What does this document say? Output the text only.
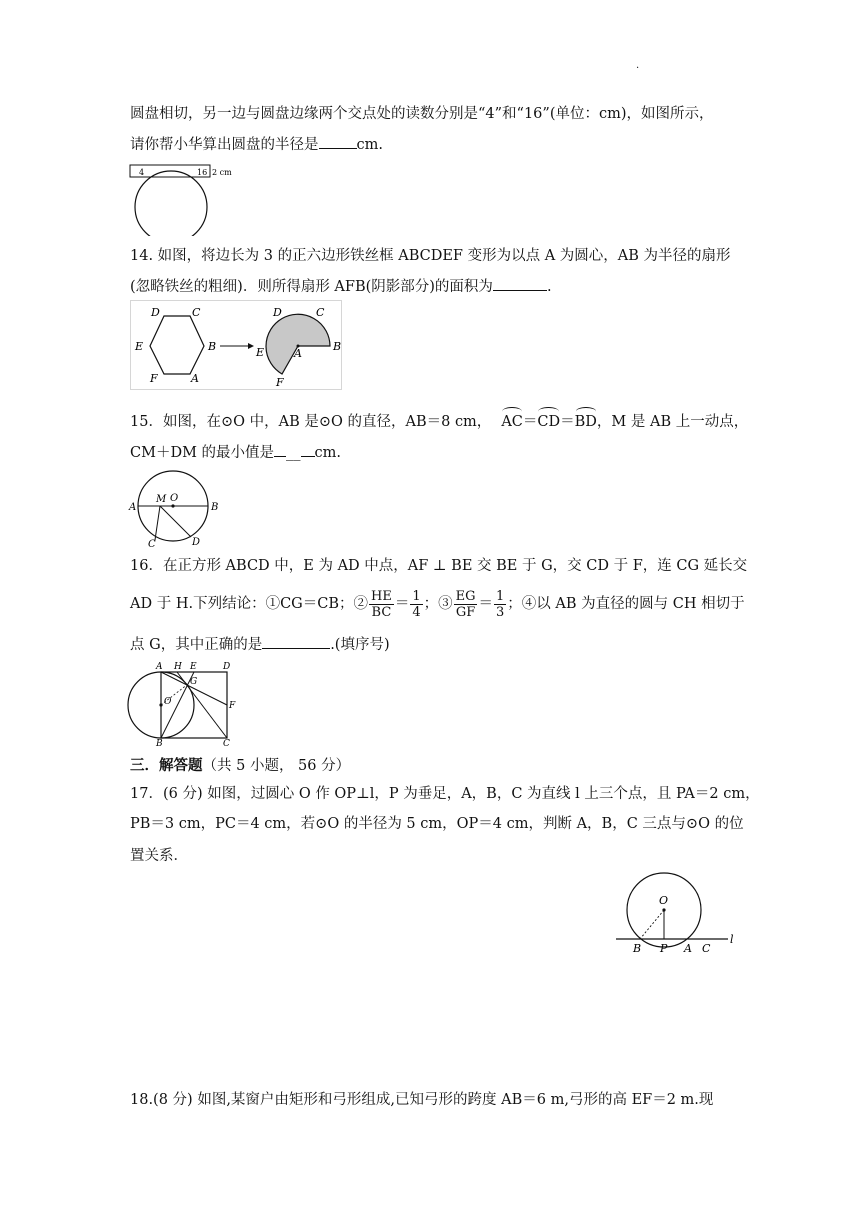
.
圆盘相切，另一边与圆盘边缘两个交点处的读数分别是“4”和“16”(单位：cm)，如图所示，
请你帮小华算出圆盘的半径是	cm.
4	16 2 cm
14. 如图，将边长为 3 的正六边形铁丝框 ABCDEF 变形为以点 A 为圆心，AB 为半径的扇形
(忽略铁丝的粗细)．则所得扇形 AFB(阴影部分)的面积为	.
D	C
E	B
F	A
D	C
E	A
B
F
15．如图，在⊙O 中，AB 是⊙O 的直径，AB＝8 cm， AC＝CD＝BD，M 是 AB 上一动点，
CM＋DM 的最小值是 __ cm.
A
M O
B
C	D
16．在正方形 ABCD 中，E 为 AD 中点，AF ⊥ BE 交 BE 于 G，交 CD 于 F，连 CG 延长交
AD 于 H.下列结论：①CG＝CB；② $\frac{HE}{BC} = \frac{1}{4}$ ；③ $\frac{EG}{GF} = \frac{1}{3}$ ；④以 AB 为直径的圆与 CH 相切于
点 G，其中正确的是	.(填序号)
A H E	D
G
O	F
B	C
三．解答题（共 5 小题， 56 分）
17．(6 分) 如图，过圆心 O 作 OP⊥l，P 为垂足，A，B，C 为直线 l 上三个点，且 PA＝2 cm，
PB＝3 cm，PC＝4 cm，若⊙O 的半径为 5 cm，OP＝4 cm，判断 A，B，C 三点与⊙O 的位
置关系．
O
l
B P A C
18.(8 分) 如图,某窗户由矩形和弓形组成,已知弓形的跨度 AB＝6 m,弓形的高 EF＝2 m.现
